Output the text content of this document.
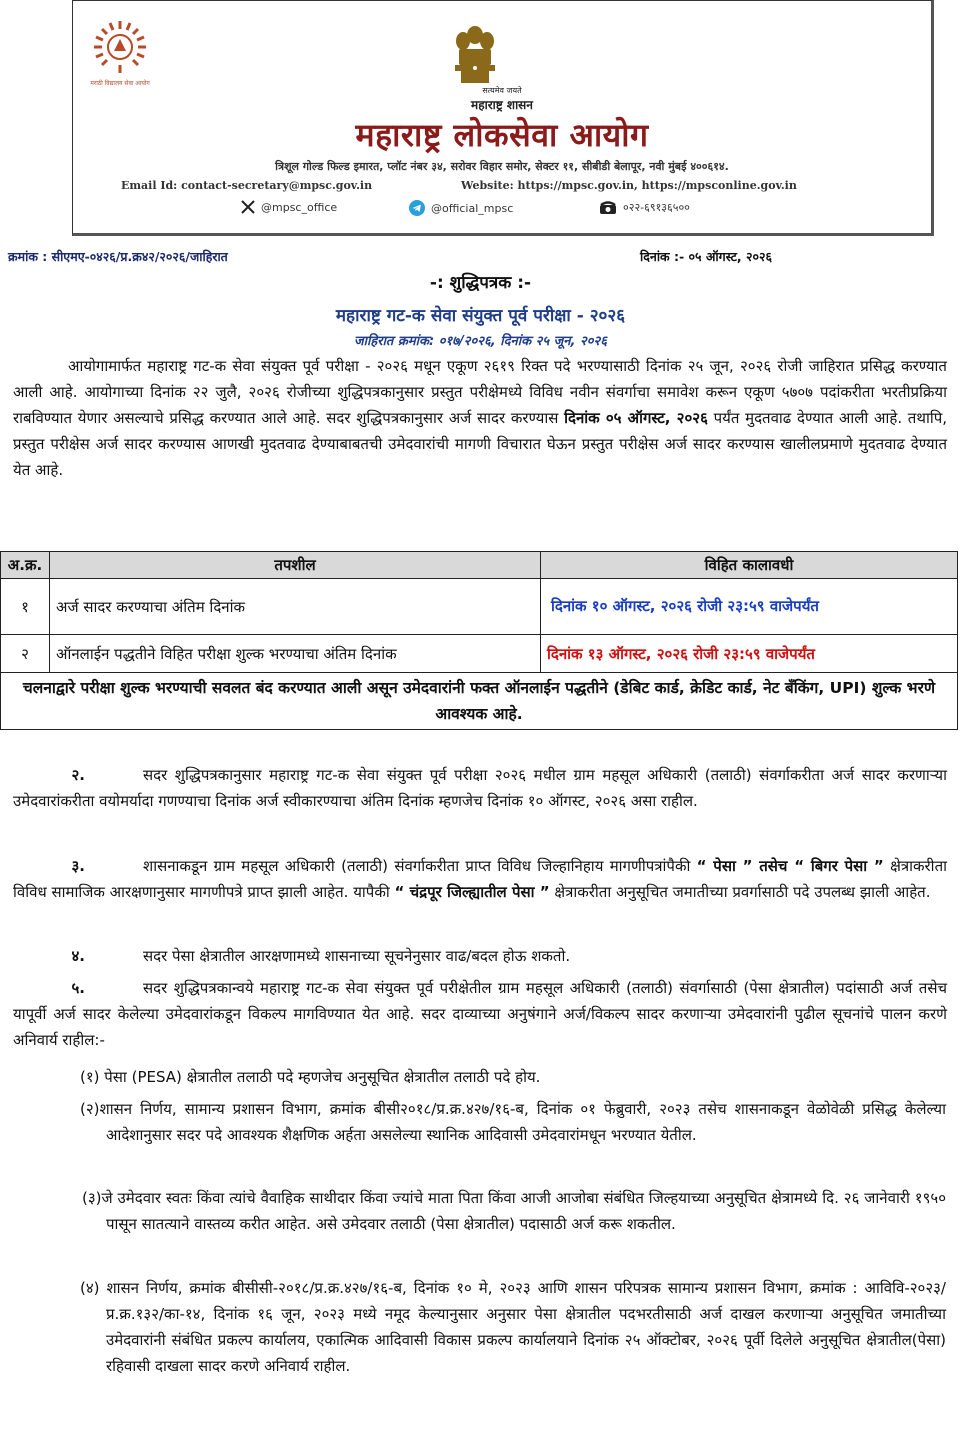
मराठी विद्यालय सेवा आयोग
सत्यमेव जयते
महाराष्ट्र शासन
महाराष्ट्र लोकसेवा आयोग
त्रिशूल गोल्ड फिल्ड इमारत, प्लॉट नंबर ३४, सरोवर विहार समोर, सेक्टर ११, सीबीडी बेलापूर, नवी मुंबई ४००६१४.
Email Id: contact-secretary@mpsc.gov.in	Website: https://mpsc.gov.in, https://mpsconline.gov.in
@mpsc_office	@official_mpsc	०२२-६९१३६५००
क्रमांक : सीएमए-०४२६/प्र.क्र४२/२०२६/जाहिरात	दिनांक :- ०५ ऑगस्ट, २०२६
-: शुद्धिपत्रक :-
महाराष्ट्र गट-क सेवा संयुक्त पूर्व परीक्षा - २०२६
जाहिरात क्रमांक: ०१७/२०२६, दिनांक २५ जून, २०२६
आयोगामार्फत महाराष्ट्र गट-क सेवा संयुक्त पूर्व परीक्षा - २०२६ मधून एकूण २६१९ रिक्त पदे भरण्यासाठी दिनांक २५ जून, २०२६ रोजी जाहिरात प्रसिद्ध करण्यात आली आहे. आयोगाच्या दिनांक २२ जुलै, २०२६ रोजीच्या शुद्धिपत्रकानुसार प्रस्तुत परीक्षेमध्ये विविध नवीन संवर्गाचा समावेश करून एकूण ५७०७ पदांकरीता भरतीप्रक्रिया राबविण्यात येणार असल्याचे प्रसिद्ध करण्यात आले आहे. सदर शुद्धिपत्रकानुसार अर्ज सादर करण्यास दिनांक ०५ ऑगस्ट, २०२६ पर्यंत मुदतवाढ देण्यात आली आहे. तथापि, प्रस्तुत परीक्षेस अर्ज सादर करण्यास आणखी मुदतवाढ देण्याबाबतची उमेदवारांची मागणी विचारात घेऊन प्रस्तुत परीक्षेस अर्ज सादर करण्यास खालीलप्रमाणे मुदतवाढ देण्यात येत आहे.
अ.क्र.	तपशील	विहित कालावधी
१	अर्ज सादर करण्याचा अंतिम दिनांक	दिनांक १० ऑगस्ट, २०२६ रोजी २३:५९ वाजेपर्यंत
२	ऑनलाईन पद्धतीने विहित परीक्षा शुल्क भरण्याचा अंतिम दिनांक	दिनांक १३ ऑगस्ट, २०२६ रोजी २३:५९ वाजेपर्यंत
चलनाद्वारे परीक्षा शुल्क भरण्याची सवलत बंद करण्यात आली असून उमेदवारांनी फक्त ऑनलाईन पद्धतीने (डेबिट कार्ड, क्रेडिट कार्ड, नेट बँकिंग, UPI) शुल्क भरणे आवश्यक आहे.		
२.	सदर शुद्धिपत्रकानुसार महाराष्ट्र गट-क सेवा संयुक्त पूर्व परीक्षा २०२६ मधील ग्राम महसूल अधिकारी (तलाठी) संवर्गाकरीता अर्ज सादर करणाऱ्या उमेदवारांकरीता वयोमर्यादा गणण्याचा दिनांक अर्ज स्वीकारण्याचा अंतिम दिनांक म्हणजेच दिनांक १० ऑगस्ट, २०२६ असा राहील.
३.	शासनाकडून ग्राम महसूल अधिकारी (तलाठी) संवर्गाकरीता प्राप्त विविध जिल्हानिहाय मागणीपत्रांपैकी “ पेसा ” तसेच “ बिगर पेसा ” क्षेत्राकरीता विविध सामाजिक आरक्षणानुसार मागणीपत्रे प्राप्त झाली आहेत. यापैकी “ चंद्रपूर जिल्ह्यातील पेसा ” क्षेत्राकरीता अनुसूचित जमातीच्या प्रवर्गासाठी पदे उपलब्ध झाली आहेत.
४.	सदर पेसा क्षेत्रातील आरक्षणामध्ये शासनाच्या सूचनेनुसार वाढ/बदल होऊ शकतो.
५.	सदर शुद्धिपत्रकान्वये महाराष्ट्र गट-क सेवा संयुक्त पूर्व परीक्षेतील ग्राम महसूल अधिकारी (तलाठी) संवर्गासाठी (पेसा क्षेत्रातील) पदांसाठी अर्ज तसेच यापूर्वी अर्ज सादर केलेल्या उमेदवारांकडून विकल्प मागविण्यात येत आहे. सदर दाव्याच्या अनुषंगाने अर्ज/विकल्प सादर करणाऱ्या उमेदवारांनी पुढील सूचनांचे पालन करणे अनिवार्य राहील:-
(१) पेसा (PESA) क्षेत्रातील तलाठी पदे म्हणजेच अनुसूचित क्षेत्रातील तलाठी पदे होय.
(२)शासन निर्णय, सामान्य प्रशासन विभाग, क्रमांक बीसी२०१८/प्र.क्र.४२७/१६-ब, दिनांक ०१ फेब्रुवारी, २०२३ तसेच शासनाकडून वेळोवेळी प्रसिद्ध केलेल्या आदेशानुसार सदर पदे आवश्यक शैक्षणिक अर्हता असलेल्या स्थानिक आदिवासी उमेदवारांमधून भरण्यात येतील.
(३)जे उमेदवार स्वतः किंवा त्यांचे वैवाहिक साथीदार किंवा ज्यांचे माता पिता किंवा आजी आजोबा संबंधित जिल्हयाच्या अनुसूचित क्षेत्रामध्ये दि. २६ जानेवारी १९५० पासून सातत्याने वास्तव्य करीत आहेत. असे उमेदवार तलाठी (पेसा क्षेत्रातील) पदासाठी अर्ज करू शकतील.
(४) शासन निर्णय, क्रमांक बीसीसी-२०१८/प्र.क्र.४२७/१६-ब, दिनांक १० मे, २०२३ आणि शासन परिपत्रक सामान्य प्रशासन विभाग, क्रमांक : आविवि-२०२३/प्र.क्र.१३२/का-१४, दिनांक १६ जून, २०२३ मध्ये नमूद केल्यानुसार अनुसार पेसा क्षेत्रातील पदभरतीसाठी अर्ज दाखल करणाऱ्या अनुसूचित जमातीच्या उमेदवारांनी संबंधित प्रकल्प कार्यालय, एकात्मिक आदिवासी विकास प्रकल्प कार्यालयाने दिनांक २५ ऑक्टोबर, २०२६ पूर्वी दिलेले अनुसूचित क्षेत्रातील(पेसा) रहिवासी दाखला सादर करणे अनिवार्य राहील.
